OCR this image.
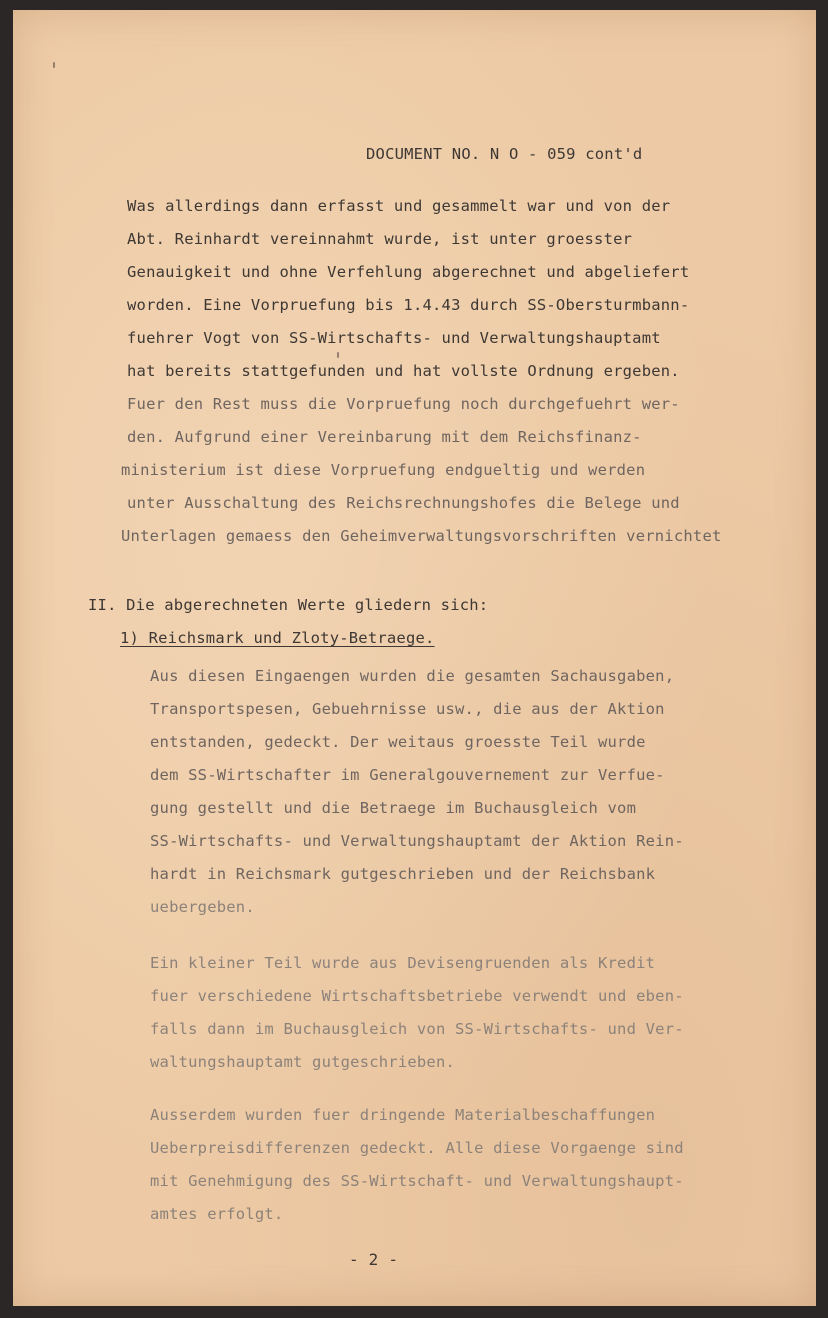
DOCUMENT NO. N O - 059 cont'd
Was allerdings dann erfasst und gesammelt war und von der
Abt. Reinhardt vereinnahmt wurde, ist unter groesster
Genauigkeit und ohne Verfehlung abgerechnet und abgeliefert
worden. Eine Vorpruefung bis 1.4.43 durch SS-Obersturmbann-
fuehrer Vogt von SS-Wirtschafts- und Verwaltungshauptamt
hat bereits stattgefunden und hat vollste Ordnung ergeben.
Fuer den Rest muss die Vorpruefung noch durchgefuehrt wer-
den. Aufgrund einer Vereinbarung mit dem Reichsfinanz-
ministerium ist diese Vorpruefung endgueltig und werden
unter Ausschaltung des Reichsrechnungshofes die Belege und
Unterlagen gemaess den Geheimverwaltungsvorschriften vernichtet
II. Die abgerechneten Werte gliedern sich:
1) Reichsmark und Zloty-Betraege.
Aus diesen Eingaengen wurden die gesamten Sachausgaben,
Transportspesen, Gebuehrnisse usw., die aus der Aktion
entstanden, gedeckt. Der weitaus groesste Teil wurde
dem SS-Wirtschafter im Generalgouvernement zur Verfue-
gung gestellt und die Betraege im Buchausgleich vom
SS-Wirtschafts- und Verwaltungshauptamt der Aktion Rein-
hardt in Reichsmark gutgeschrieben und der Reichsbank
uebergeben.
Ein kleiner Teil wurde aus Devisengruenden als Kredit
fuer verschiedene Wirtschaftsbetriebe verwendt und eben-
falls dann im Buchausgleich von SS-Wirtschafts- und Ver-
waltungshauptamt gutgeschrieben.
Ausserdem wurden fuer dringende Materialbeschaffungen
Ueberpreisdifferenzen gedeckt. Alle diese Vorgaenge sind
mit Genehmigung des SS-Wirtschaft- und Verwaltungshaupt-
amtes erfolgt.
- 2 -
